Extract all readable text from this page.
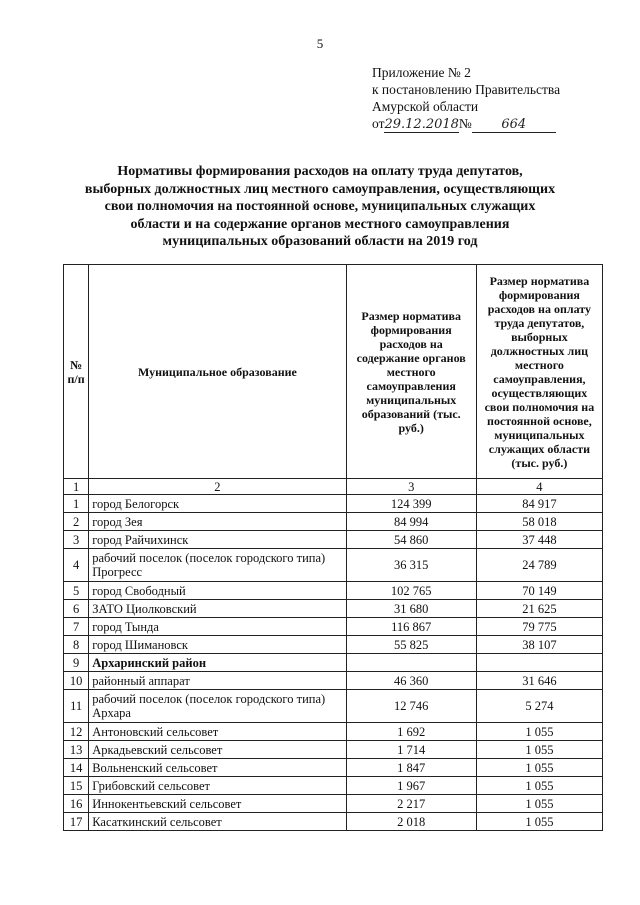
5
Приложение № 2
к постановлению Правительства
Амурской области
от29.12.2018№ 664
Нормативы формирования расходов на оплату труда депутатов,
выборных должностных лиц местного самоуправления, осуществляющих
свои полномочия на постоянной основе, муниципальных служащих
области и на содержание органов местного самоуправления
муниципальных образований области на 2019 год
№ п/п	Муниципальное образование	Размер норматива формирования расходов на содержание органов местного самоуправления муниципальных образований (тыс. руб.)	Размер норматива формирования расходов на оплату труда депутатов, выборных должностных лиц местного самоуправления, осуществляющих свои полномочия на постоянной основе, муниципальных служащих области (тыс. руб.)
1	2	3	4
1	город Белогорск	124 399	84 917
2	город Зея	84 994	58 018
3	город Райчихинск	54 860	37 448
4	рабочий поселок (поселок городского типа) Прогресс	36 315	24 789
5	город Свободный	102 765	70 149
6	ЗАТО Циолковский	31 680	21 625
7	город Тында	116 867	79 775
8	город Шимановск	55 825	38 107
9	Архаринский район		
10	районный аппарат	46 360	31 646
11	рабочий поселок (поселок городского типа) Архара	12 746	5 274
12	Антоновский сельсовет	1 692	1 055
13	Аркадьевский сельсовет	1 714	1 055
14	Вольненский сельсовет	1 847	1 055
15	Грибовский сельсовет	1 967	1 055
16	Иннокентьевский сельсовет	2 217	1 055
17	Касаткинский сельсовет	2 018	1 055
